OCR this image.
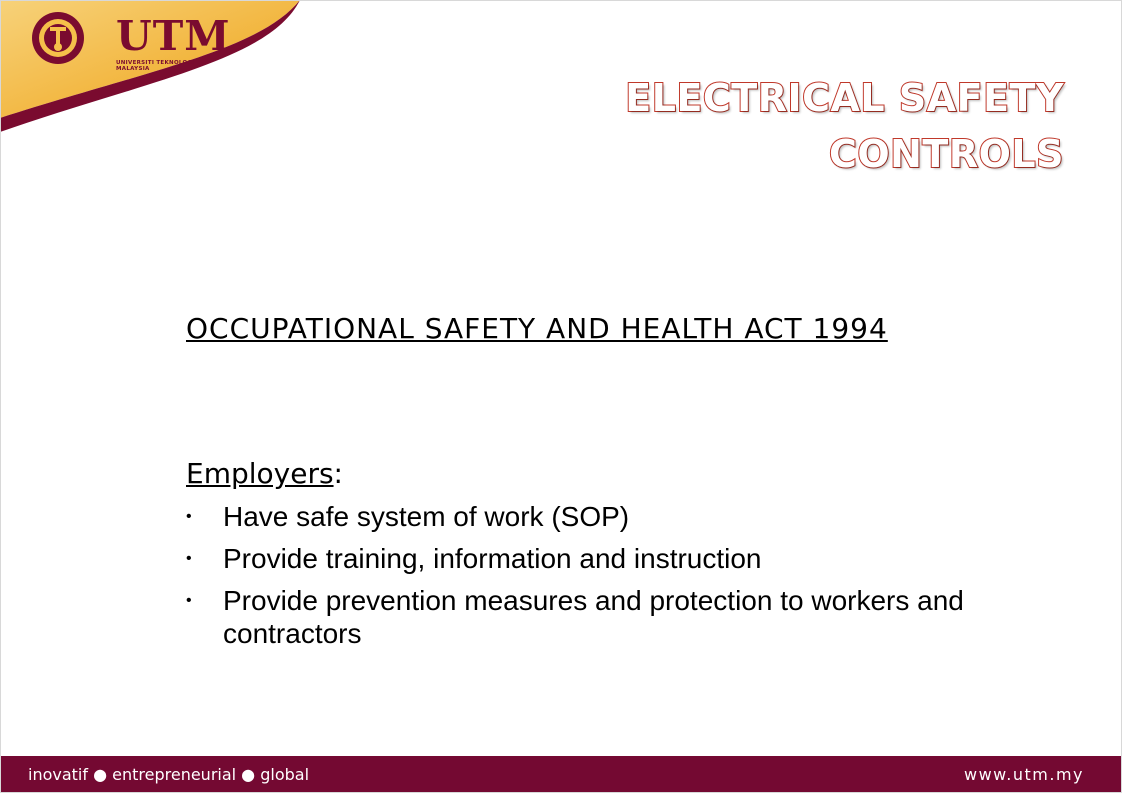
UTM
UNIVERSITI TEKNOLOGI MALAYSIA
ELECTRICAL SAFETY
CONTROLS
OCCUPATIONAL SAFETY AND HEALTH ACT 1994
Employers:
• Have safe system of work (SOP)
• Provide training, information and instruction
• Provide prevention measures and protection to workers and contractors
inovatif ● entrepreneurial ● global	www.utm.my
